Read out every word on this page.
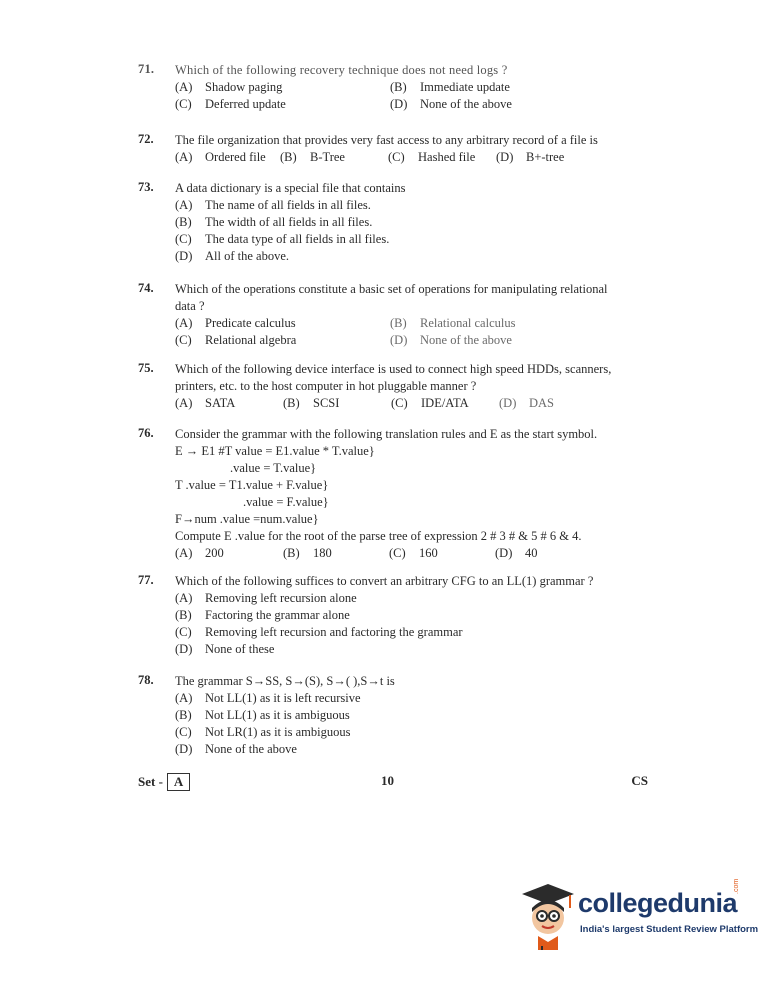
71. Which of the following recovery technique does not need logs ?
(A)	Shadow paging	(B)	Immediate update
(C)	Deferred update	(D)	None of the above
72. The file organization that provides very fast access to any arbitrary record of a file is
(A)	Ordered file (B)	B-Tree	(C)	Hashed file (D)	B+-tree
73. A data dictionary is a special file that contains
(A)	The name of all fields in all files.
(B)	The width of all fields in all files.
(C)	The data type of all fields in all files.
(D)	All of the above.
74. Which of the operations constitute a basic set of operations for manipulating relational
data ?
(A)	Predicate calculus	(B)	Relational calculus
(C)	Relational algebra	(D)	None of the above
75. Which of the following device interface is used to connect high speed HDDs, scanners,
printers, etc. to the host computer in hot pluggable manner ?
(A)	SATA	(B)	SCSI	(C)	IDE/ATA (D)	DAS
76. Consider the grammar with the following translation rules and E as the start symbol.
E → E1 #T value = E1.value * T.value}
.value = T.value}
T .value = T1.value + F.value}
.value = F.value}
F→num .value =num.value}
Compute E .value for the root of the parse tree of expression 2 # 3 # & 5 # 6 & 4.
(A)	200	(B)	180	(C)	160	(D)	40
77. Which of the following suffices to convert an arbitrary CFG to an LL(1) grammar ?
(A)	Removing left recursion alone
(B)	Factoring the grammar alone
(C)	Removing left recursion and factoring the grammar
(D)	None of these
78. The grammar S→SS, S→(S), S→( ),S→t is
(A)	Not LL(1) as it is left recursive
(B)	Not LL(1) as it is ambiguous
(C)	Not LR(1) as it is ambiguous
(D)	None of the above
Set - A	10	CS
collegedunia
.com
India's largest Student Review Platform
